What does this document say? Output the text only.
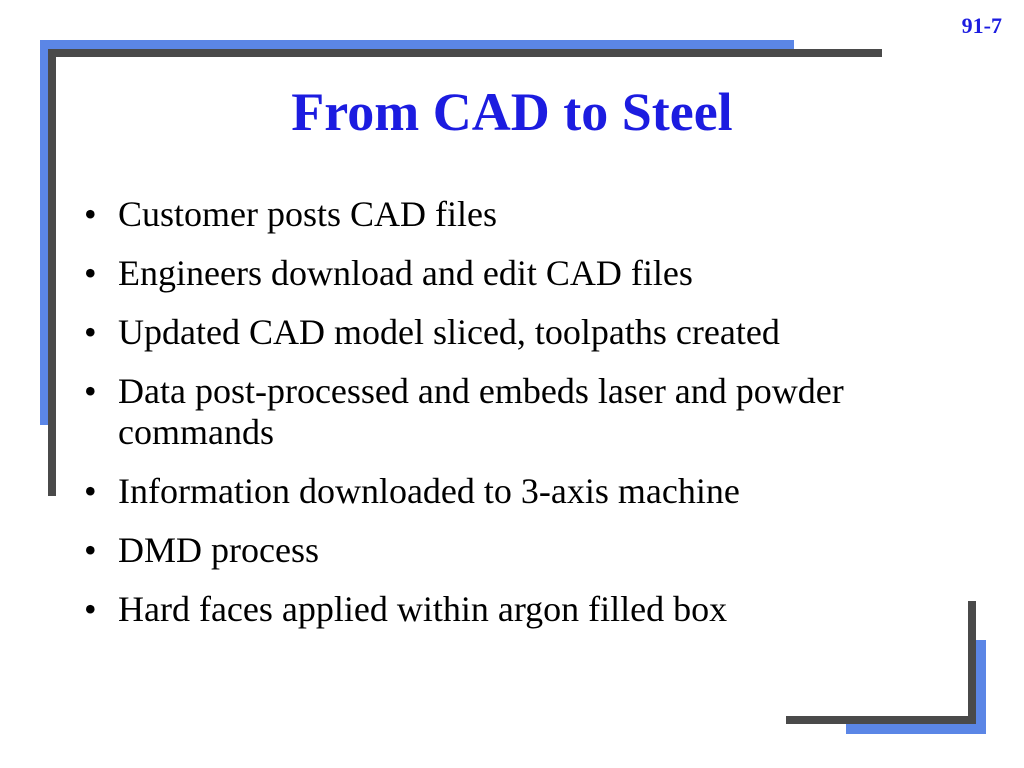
91-7
From CAD to Steel
• Customer posts CAD files
• Engineers download and edit CAD files
• Updated CAD model sliced, toolpaths created
• Data post-processed and embeds laser and powder commands
• Information downloaded to 3-axis machine
• DMD process
• Hard faces applied within argon filled box
